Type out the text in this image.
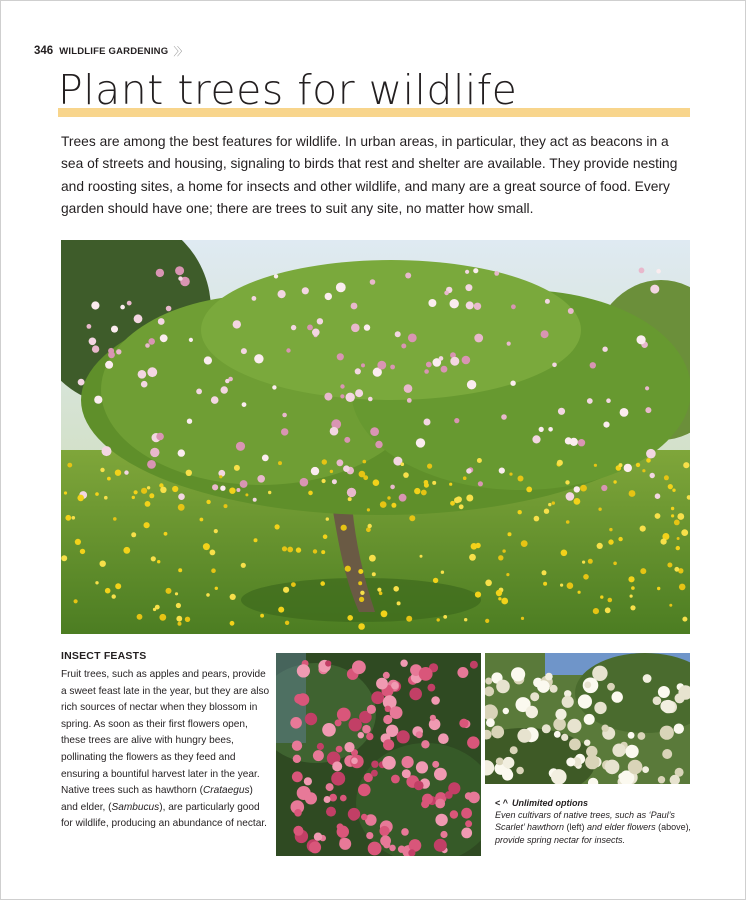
346 WILDLIFE GARDENING 〉〉
Plant trees for wildlife

Trees are among the best features for wildlife. In urban areas, in particular, they act as beacons in a sea of streets and housing, signaling to birds that rest and shelter are available. They provide nesting and roosting sites, a home for insects and other wildlife, and many are a great source of food. Every garden should have one; there are trees to suit any site, no matter how small.

INSECT FEASTS

Fruit trees, such as apples and pears, provide a sweet feast late in the year, but they are also rich sources of nectar when they blossom in spring. As soon as their first flowers open, these trees are alive with hungry bees, pollinating the flowers as they feed and ensuring a bountiful harvest later in the year. Native trees such as hawthorn (Crataegus) and elder, (Sambucus), are particularly good for wildlife, producing an abundance of nectar.

< ^ Unlimited options
Even cultivars of native trees, such as ‘Paul’s Scarlet’ hawthorn (left) and elder flowers (above), provide spring nectar for insects.
